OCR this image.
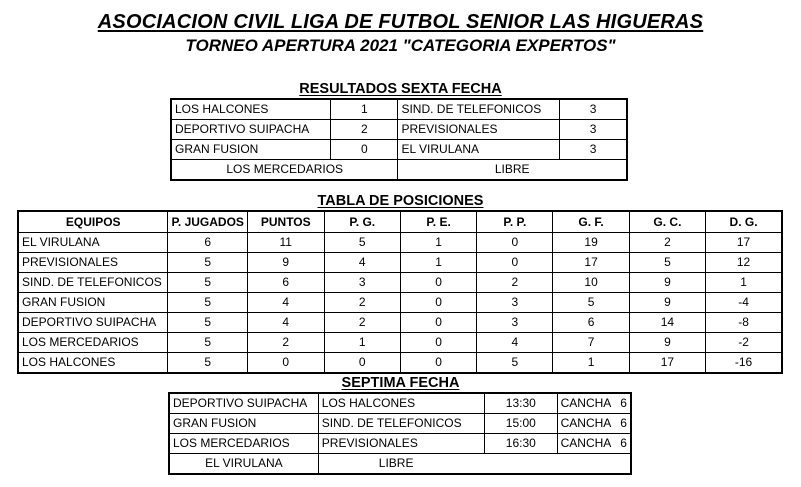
ASOCIACION CIVIL LIGA DE FUTBOL SENIOR LAS HIGUERAS
TORNEO APERTURA 2021 "CATEGORIA EXPERTOS"
RESULTADOS SEXTA FECHA
LOS HALCONES	1	SIND. DE TELEFONICOS	3

DEPORTIVO SUIPACHA	2	PREVISIONALES	3

GRAN FUSION	0	EL VIRULANA	3

LOS MERCEDARIOS		LIBRE	
TABLA DE POSICIONES
EQUIPOS	P. JUGADOS	PUNTOS	P. G.	P. E.	P. P.	G. F.	G. C.	D. G.

EL VIRULANA	6	11	5	1	0	19	2	17

PREVISIONALES	5	9	4	1	0	17	5	12

SIND. DE TELEFONICOS	5	6	3	0	2	10	9	1

GRAN FUSION	5	4	2	0	3	5	9	-4

DEPORTIVO SUIPACHA	5	4	2	0	3	6	14	-8

LOS MERCEDARIOS	5	2	1	0	4	7	9	-2

LOS HALCONES	5	0	0	0	5	1	17	-16
SEPTIMA FECHA
DEPORTIVO SUIPACHA	LOS HALCONES	13:30	CANCHA 6

GRAN FUSION	SIND. DE TELEFONICOS	15:00	CANCHA 6

LOS MERCEDARIOS	PREVISIONALES	16:30	CANCHA 6

EL VIRULANA	LIBRE		
